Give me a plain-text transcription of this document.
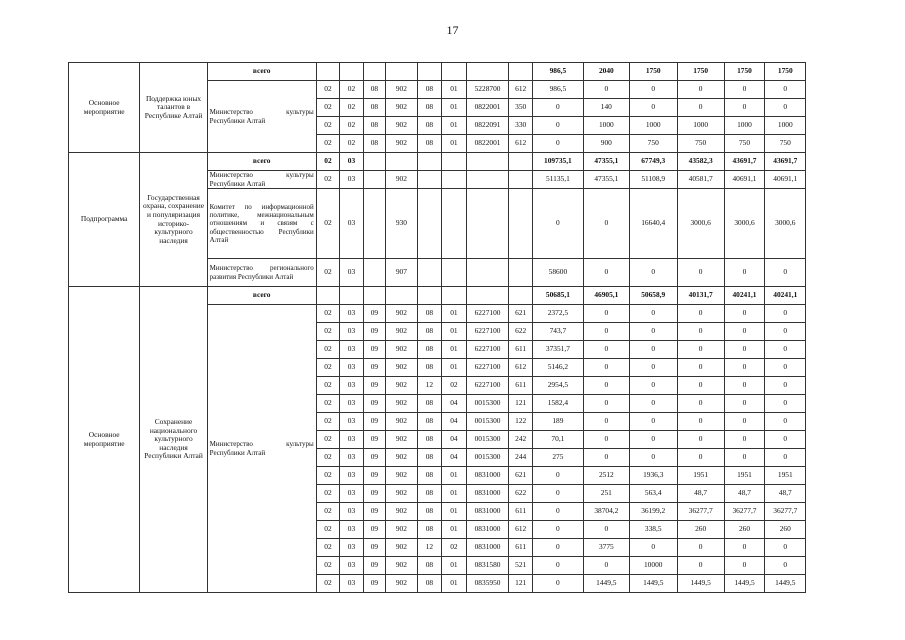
17
Основное мероприятие	Поддержка юных талантов в Республике Алтай	всего									986,5	2040	1750	1750	1750	1750
		Министерство культуры Республики Алтай	02	02	08	902	08	01	5228700	612	986,5	0	0	0	0	0
			02	02	08	902	08	01	0822001	350	0	140	0	0	0	0
			02	02	08	902	08	01	0822091	330	0	1000	1000	1000	1000	1000
			02	02	08	902	08	01	0822001	612	0	900	750	750	750	750
Подпрограмма	Государственная охрана, сохранение и популяризация историко-культурного наследия	всего	02	03							109735,1	47355,1	67749,3	43582,3	43691,7	43691,7
		Министерство культуры Республики Алтай	02	03		902					51135,1	47355,1	51108,9	40581,7	40691,1	40691,1
		Комитет по информационной политике, межнациональным отношениям и связям с общественностью Республики Алтай	02	03		930					0	0	16640,4	3000,6	3000,6	3000,6
		Министерство регионального развития Республики Алтай	02	03		907					58600	0	0	0	0	0
Основное мероприятие	Сохранение национального культурного наследия Республики Алтай	всего									50685,1	46905,1	50658,9	40131,7	40241,1	40241,1
		Министерство культуры Республики Алтай	02	03	09	902	08	01	6227100	621	2372,5	0	0	0	0	0
			02	03	09	902	08	01	6227100	622	743,7	0	0	0	0	0
			02	03	09	902	08	01	6227100	611	37351,7	0	0	0	0	0
			02	03	09	902	08	01	6227100	612	5146,2	0	0	0	0	0
			02	03	09	902	12	02	6227100	611	2954,5	0	0	0	0	0
			02	03	09	902	08	04	0015300	121	1582,4	0	0	0	0	0
			02	03	09	902	08	04	0015300	122	189	0	0	0	0	0
			02	03	09	902	08	04	0015300	242	70,1	0	0	0	0	0
			02	03	09	902	08	04	0015300	244	275	0	0	0	0	0
			02	03	09	902	08	01	0831000	621	0	2512	1936,3	1951	1951	1951
			02	03	09	902	08	01	0831000	622	0	251	563,4	48,7	48,7	48,7
			02	03	09	902	08	01	0831000	611	0	38704,2	36199,2	36277,7	36277,7	36277,7
			02	03	09	902	08	01	0831000	612	0	0	338,5	260	260	260
			02	03	09	902	12	02	0831000	611	0	3775	0	0	0	0
			02	03	09	902	08	01	0831580	521	0	0	10000	0	0	0
			02	03	09	902	08	01	0835950	121	0	1449,5	1449,5	1449,5	1449,5	1449,5
